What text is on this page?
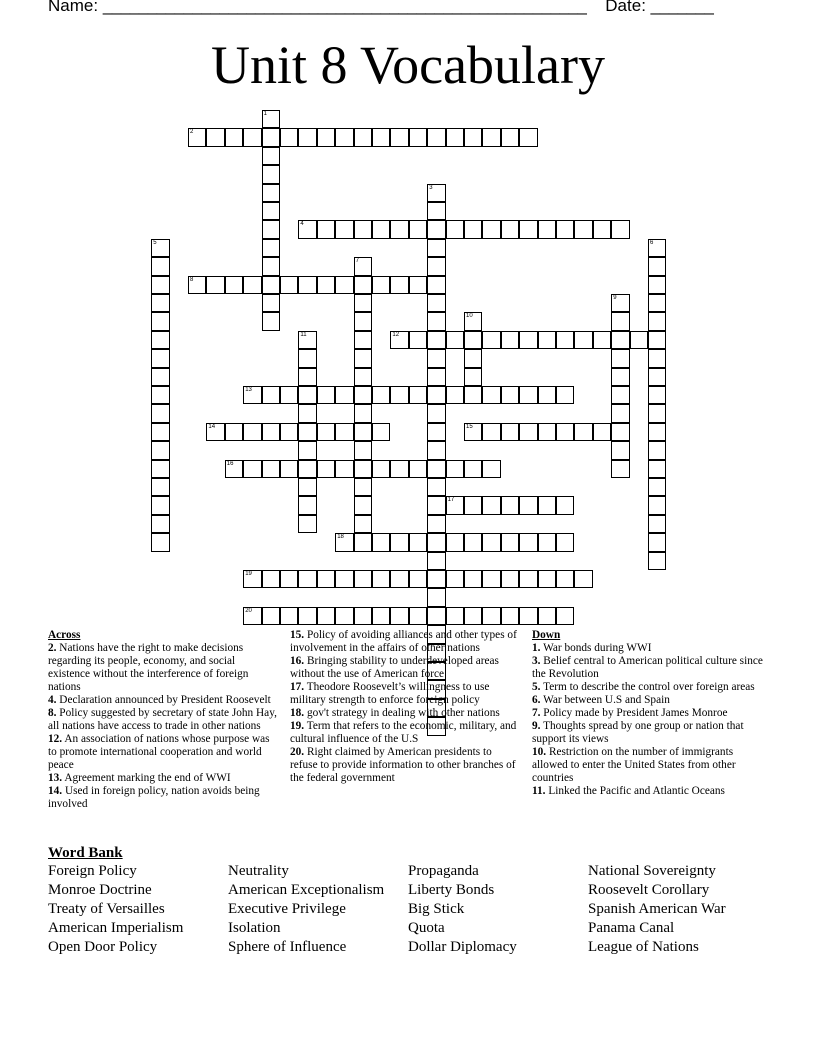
Name: ______________________________________________________ Date: _______
Unit 8 Vocabulary
1
2
3
4
5	6
7
8
9
10
11	12
13
14	15
16
17
18
19
20
Across
2. Nations have the right to make decisions regarding its people, economy, and social existence without the interference of foreign nations
4. Declaration announced by President Roosevelt
8. Policy suggested by secretary of state John Hay, all nations have access to trade in other nations
12. An association of nations whose purpose was to promote international cooperation and world peace
13. Agreement marking the end of WWI
14. Used in foreign policy, nation avoids being involved
15. Policy of avoiding alliances and other types of involvement in the affairs of other nations
16. Bringing stability to underdeveloped areas without the use of American force
17. Theodore Roosevelt’s willingness to use military strength to enforce foreign policy
18. gov't strategy in dealing with other nations
19. Term that refers to the economic, military, and cultural influence of the U.S
20. Right claimed by American presidents to refuse to provide information to other branches of the federal government
Down
1. War bonds during WWI
3. Belief central to American political culture since the Revolution
5. Term to describe the control over foreign areas
6. War between U.S and Spain
7. Policy made by President James Monroe
9. Thoughts spread by one group or nation that support its views
10. Restriction on the number of immigrants allowed to enter the United States from other countries
11. Linked the Pacific and Atlantic Oceans
Word Bank
Foreign Policy
Monroe Doctrine
Treaty of Versailles
American Imperialism
Open Door Policy
Neutrality
American Exceptionalism
Executive Privilege
Isolation
Sphere of Influence
Propaganda
Liberty Bonds
Big Stick
Quota
Dollar Diplomacy
National Sovereignty
Roosevelt Corollary
Spanish American War
Panama Canal
League of Nations
